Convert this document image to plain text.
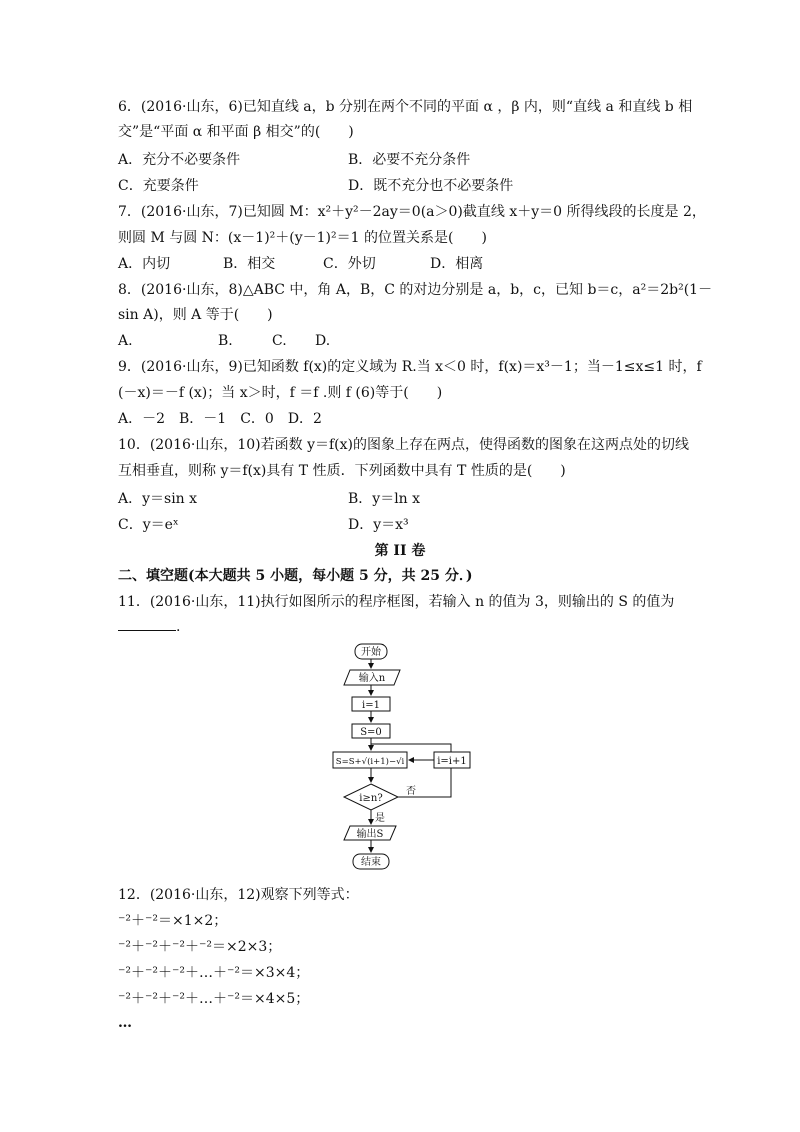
6．(2016·山东，6)已知直线 a，b 分别在两个不同的平面 α ，β 内，则“直线 a 和直线 b 相
交”是“平面 α 和平面 β 相交”的(　　)
A．充分不必要条件	B．必要不充分条件
C．充要条件	D．既不充分也不必要条件
7．(2016·山东，7)已知圆 M：x²＋y²－2ay＝0(a＞0)截直线 x＋y＝0 所得线段的长度是 2，
则圆 M 与圆 N：(x－1)²＋(y－1)²＝1 的位置关系是(　　)
A．内切	B．相交	C．外切	D．相离
8．(2016·山东，8)△ABC 中，角 A，B，C 的对边分别是 a，b，c，已知 b＝c，a²＝2b²(1－
sin A)，则 A 等于(　　)
A.	B.	C. D.
9．(2016·山东，9)已知函数 f(x)的定义域为 R.当 x＜0 时，f(x)＝x³－1；当－1≤x≤1 时，f
(－x)＝－f (x)；当 x＞时，f ＝f .则 f (6)等于(　　)
A．－2　B．－1　C．0　D．2
10．(2016·山东，10)若函数 y＝f(x)的图象上存在两点，使得函数的图象在这两点处的切线
互相垂直，则称 y＝f(x)具有 T 性质．下列函数中具有 T 性质的是(　　)
A．y＝sin x	B．y＝ln x
C．y＝eˣ	D．y＝x³
第 II 卷
二、填空题(本大题共 5 小题，每小题 5 分，共 25 分．)
11．(2016·山东，11)执行如图所示的程序框图，若输入 n 的值为 3，则输出的 S 的值为
.
开始
输入n
i=1
S=0
S=S+√(i+1)−√i	i=i+1
i≥n?
否
是
输出S
结束
12．(2016·山东，12)观察下列等式：
⁻²＋⁻²＝×1×2；
⁻²＋⁻²＋⁻²＋⁻²＝×2×3；
⁻²＋⁻²＋⁻²＋…＋⁻²＝×3×4；
⁻²＋⁻²＋⁻²＋…＋⁻²＝×4×5；
…
